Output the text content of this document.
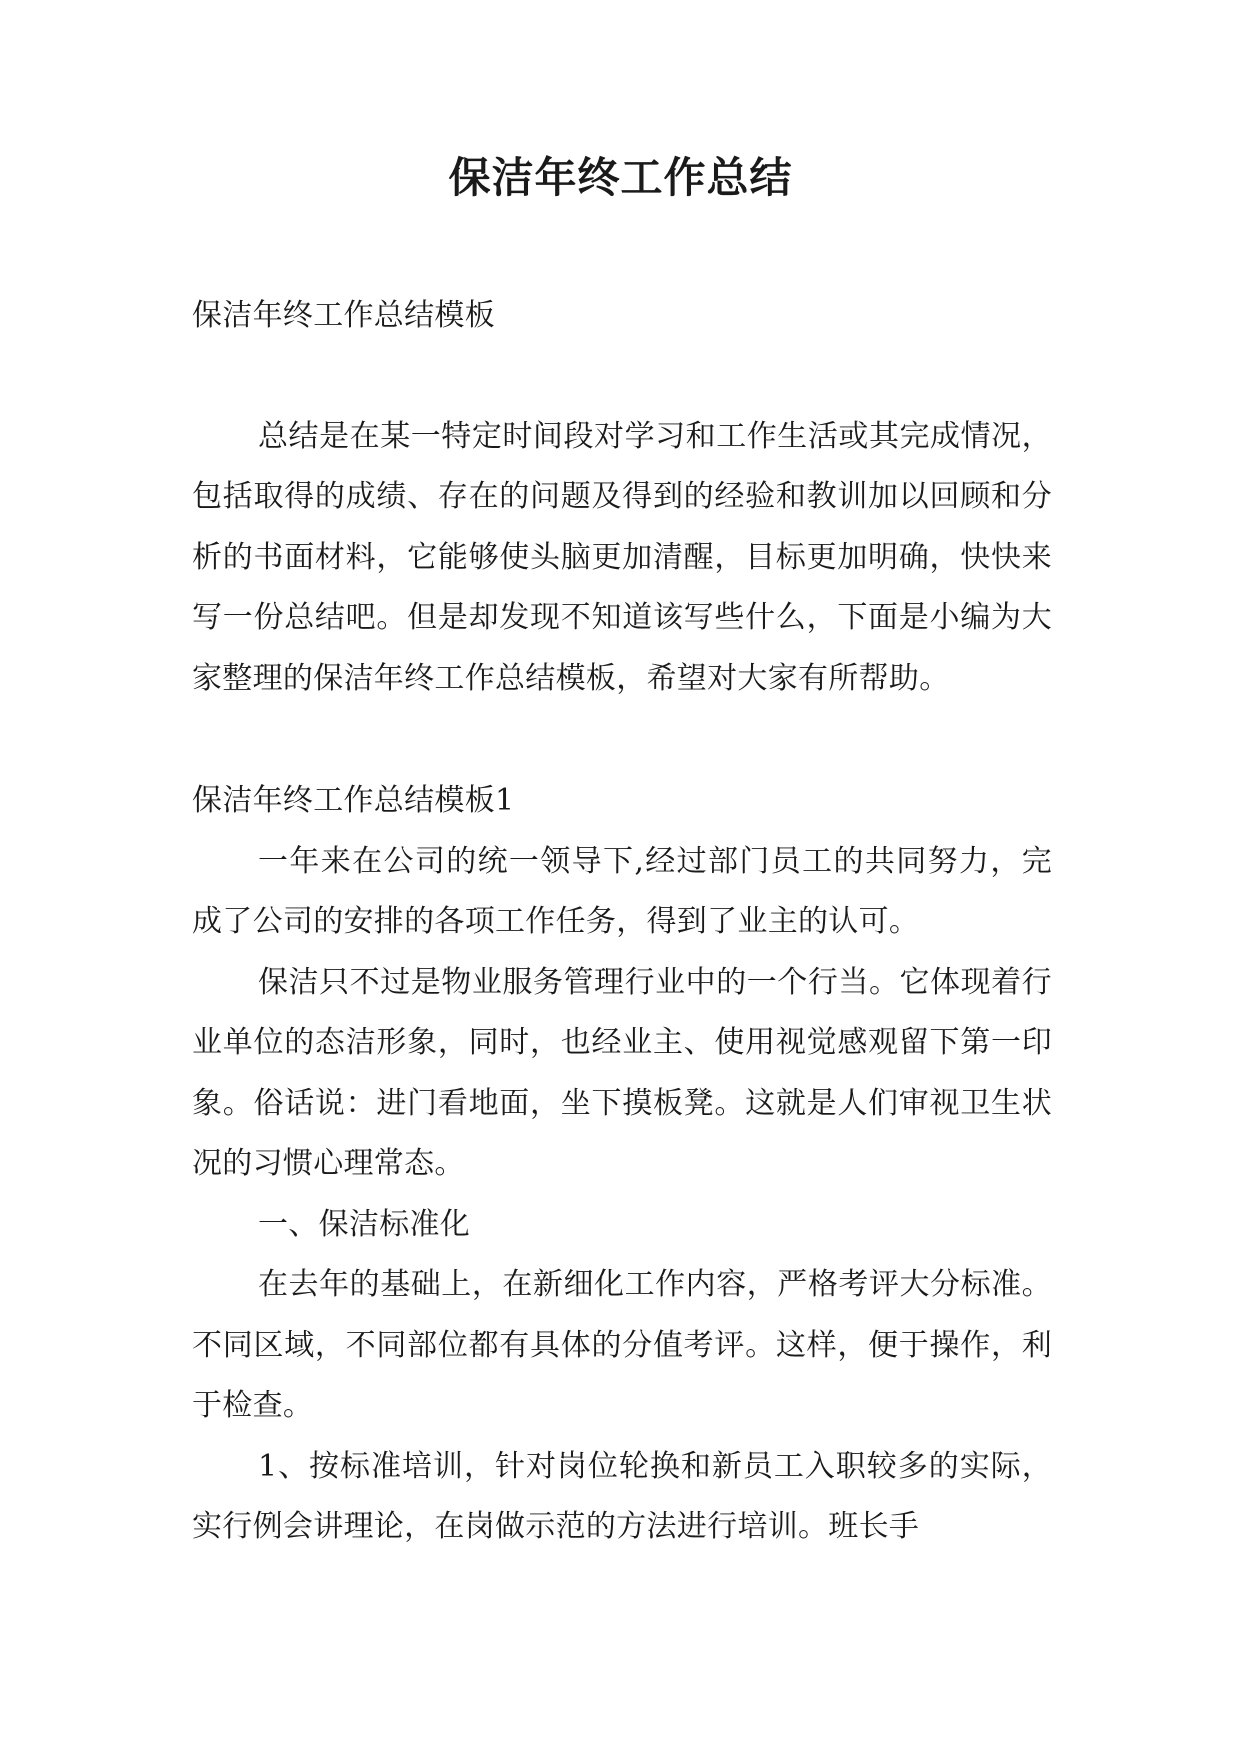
保洁年终工作总结

保洁年终工作总结模板

总结是在某一特定时间段对学习和工作生活或其完成情况，包括取得的成绩、存在的问题及得到的经验和教训加以回顾和分析的书面材料，它能够使头脑更加清醒，目标更加明确，快快来写一份总结吧。但是却发现不知道该写些什么，下面是小编为大家整理的保洁年终工作总结模板，希望对大家有所帮助。

保洁年终工作总结模板1

一年来在公司的统一领导下,经过部门员工的共同努力，完成了公司的安排的各项工作任务，得到了业主的认可。

保洁只不过是物业服务管理行业中的一个行当。它体现着行业单位的态洁形象，同时，也经业主、使用视觉感观留下第一印象。俗话说：进门看地面，坐下摸板凳。这就是人们审视卫生状况的习惯心理常态。

一、保洁标准化

在去年的基础上，在新细化工作内容，严格考评大分标准。不同区域，不同部位都有具体的分值考评。这样，便于操作，利于检查。

1、按标准培训，针对岗位轮换和新员工入职较多的实际，实行例会讲理论，在岗做示范的方法进行培训。班长手
